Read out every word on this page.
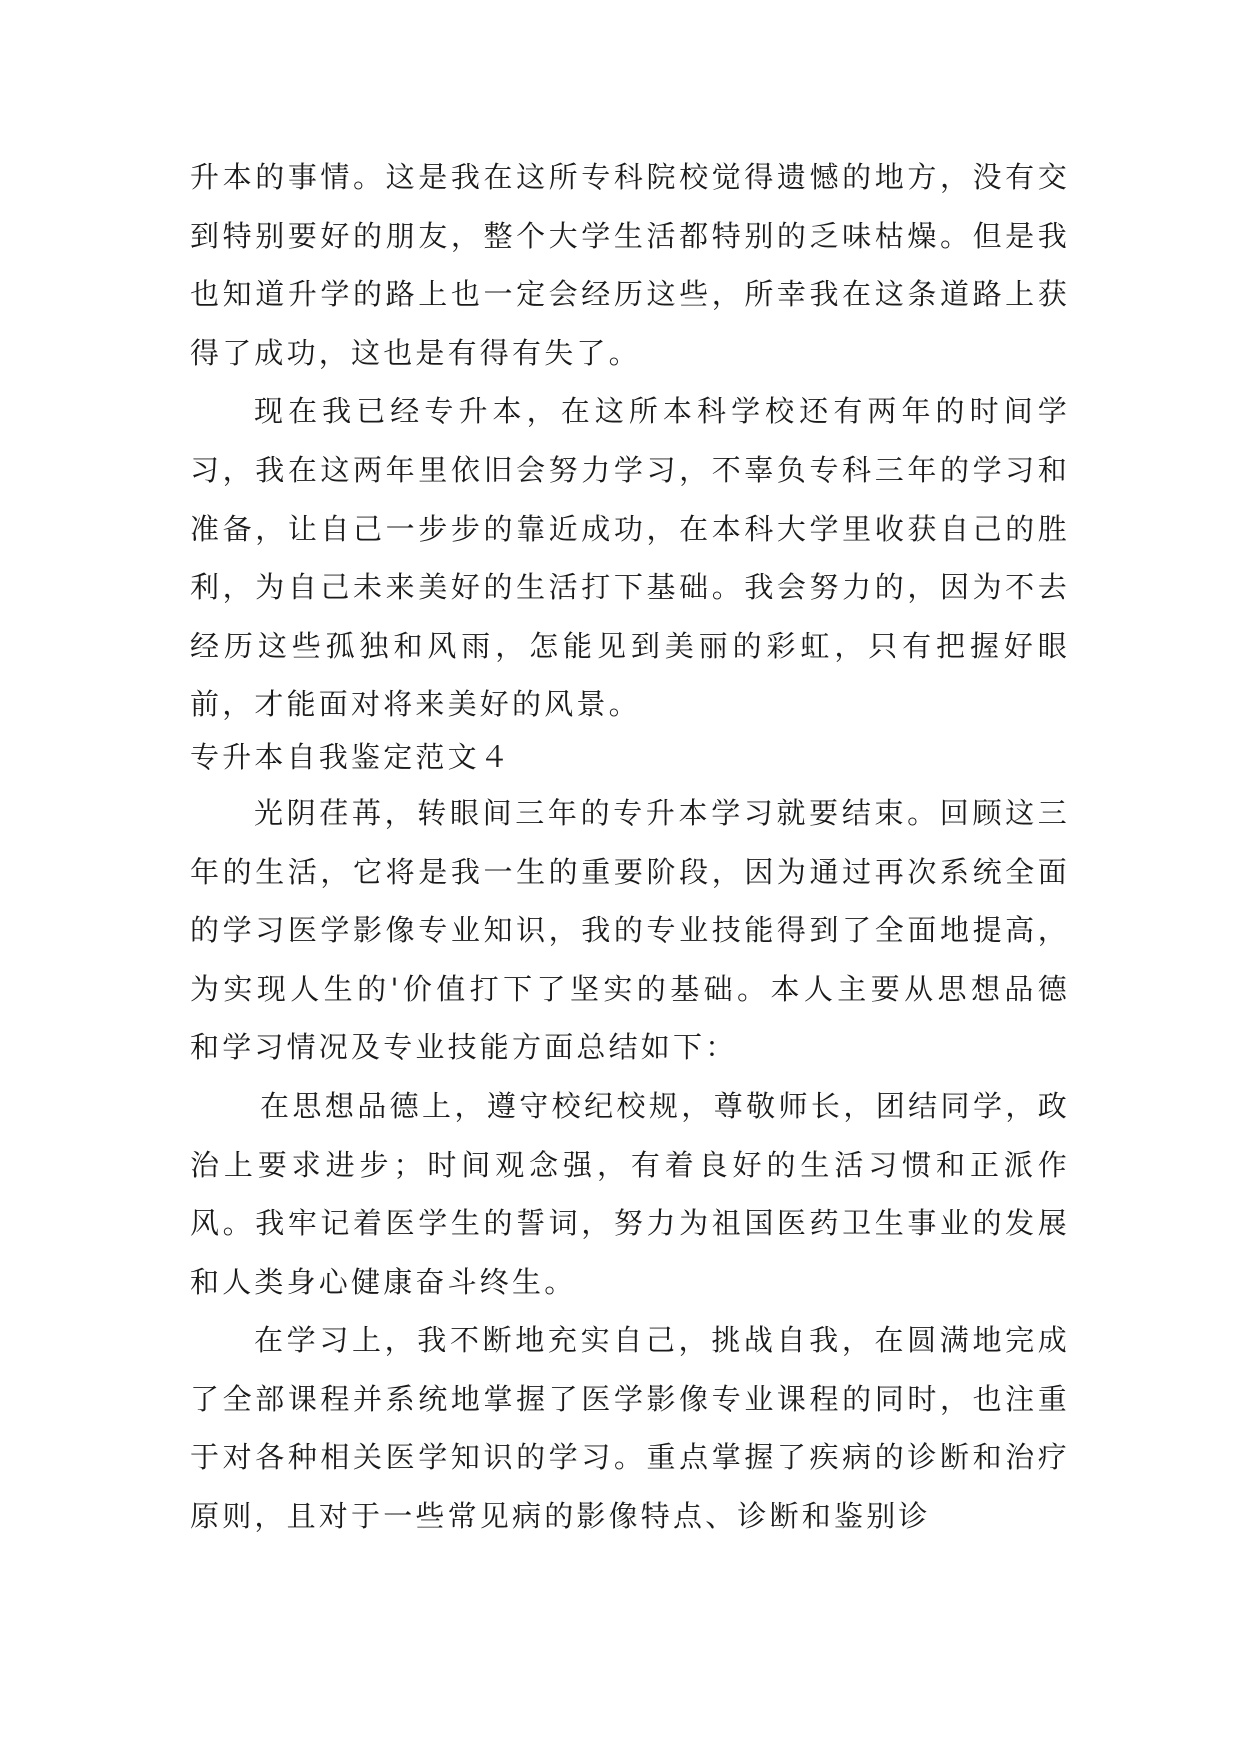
升本的事情。这是我在这所专科院校觉得遗憾的地方，没有交到特别要好的朋友，整个大学生活都特别的乏味枯燥。但是我也知道升学的路上也一定会经历这些，所幸我在这条道路上获得了成功，这也是有得有失了。

现在我已经专升本，在这所本科学校还有两年的时间学习，我在这两年里依旧会努力学习，不辜负专科三年的学习和准备，让自己一步步的靠近成功，在本科大学里收获自己的胜利，为自己未来美好的生活打下基础。我会努力的，因为不去经历这些孤独和风雨，怎能见到美丽的彩虹，只有把握好眼前，才能面对将来美好的风景。

专升本自我鉴定范文４

光阴荏苒，转眼间三年的专升本学习就要结束。回顾这三年的生活，它将是我一生的重要阶段，因为通过再次系统全面的学习医学影像专业知识，我的专业技能得到了全面地提高，为实现人生的'价值打下了坚实的基础。本人主要从思想品德和学习情况及专业技能方面总结如下：

在思想品德上，遵守校纪校规，尊敬师长，团结同学，政治上要求进步；时间观念强，有着良好的生活习惯和正派作风。我牢记着医学生的誓词，努力为祖国医药卫生事业的发展和人类身心健康奋斗终生。

在学习上，我不断地充实自己，挑战自我，在圆满地完成了全部课程并系统地掌握了医学影像专业课程的同时，也注重于对各种相关医学知识的学习。重点掌握了疾病的诊断和治疗原则，且对于一些常见病的影像特点、诊断和鉴别诊
